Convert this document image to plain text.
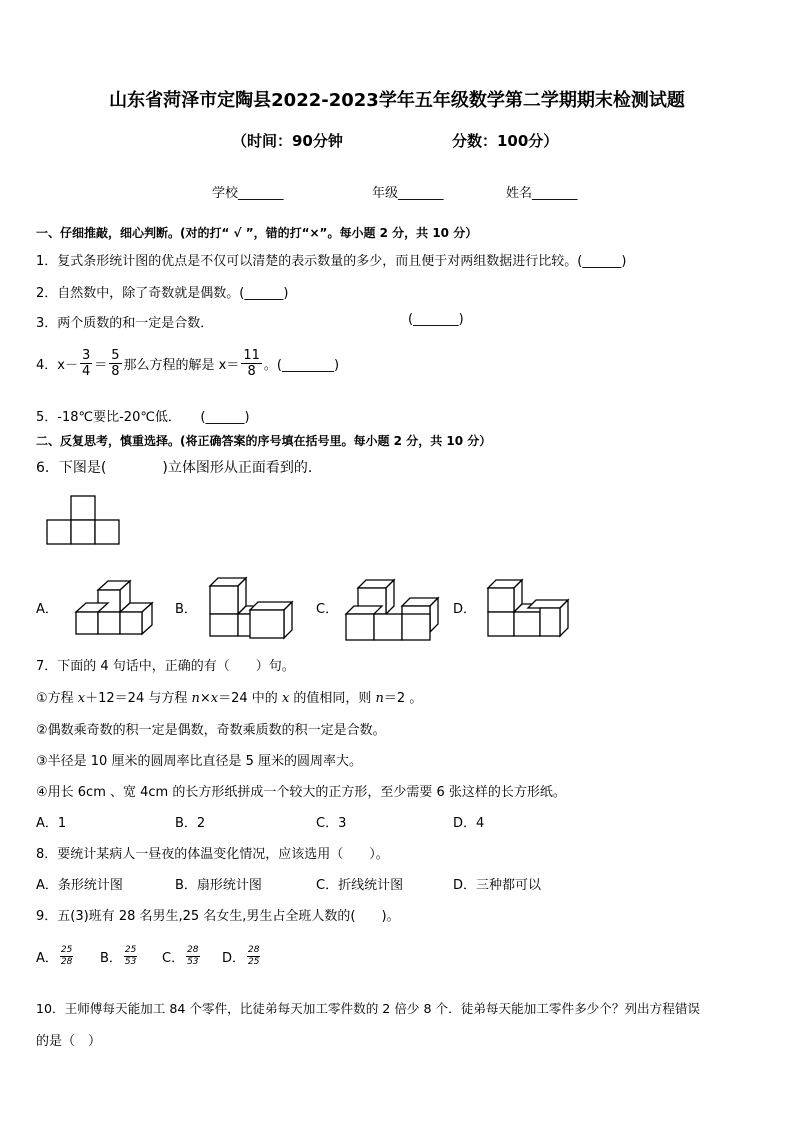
山东省菏泽市定陶县2022-2023学年五年级数学第二学期期末检测试题
（时间：90分钟	分数：100分）
学校_______	年级_______	姓名_______
一、仔细推敲，细心判断。(对的打“ √ ”，错的打“×”。每小题 2 分，共 10 分）
1．复式条形统计图的优点是不仅可以清楚的表示数量的多少，而且便于对两组数据进行比较。(______)
2．自然数中，除了奇数就是偶数。(______)
3．两个质数的和一定是合数．	(_______)
4．$x- \frac{3}{4} = \frac{5}{8}$ 那么方程的解是 $x= \frac{11}{8}$ 。(________)
5．-18℃要比-20℃低．　　(______)
二、反复思考，慎重选择。(将正确答案的序号填在括号里。每小题 2 分，共 10 分）
6．下图是(　　　　)立体图形从正面看到的．
A．	B．	C．	D．
7．下面的 4 句话中，正确的有（　　）句。
①方程 x＋12＝24 与方程 n×x＝24 中的 x 的值相同，则 n＝2 。
②偶数乘奇数的积一定是偶数，奇数乘质数的积一定是合数。
③半径是 10 厘米的圆周率比直径是 5 厘米的圆周率大。
④用长 6cm 、宽 4cm 的长方形纸拼成一个较大的正方形，至少需要 6 张这样的长方形纸。
A．1	B．2	C．3	D．4
8．要统计某病人一昼夜的体温变化情况，应该选用（　　）。
A．条形统计图	B．扇形统计图	C．折线统计图	D．三种都可以
9．五(3)班有 28 名男生,25 名女生,男生占全班人数的(　　)。
A． $\frac{25}{28}$ B． $\frac{25}{53}$ C． $\frac{28}{53}$ D． $\frac{28}{25}$
10．王师傅每天能加工 84 个零件，比徒弟每天加工零件数的 2 倍少 8 个．徒弟每天能加工零件多少个？列出方程错误
的是（　）
